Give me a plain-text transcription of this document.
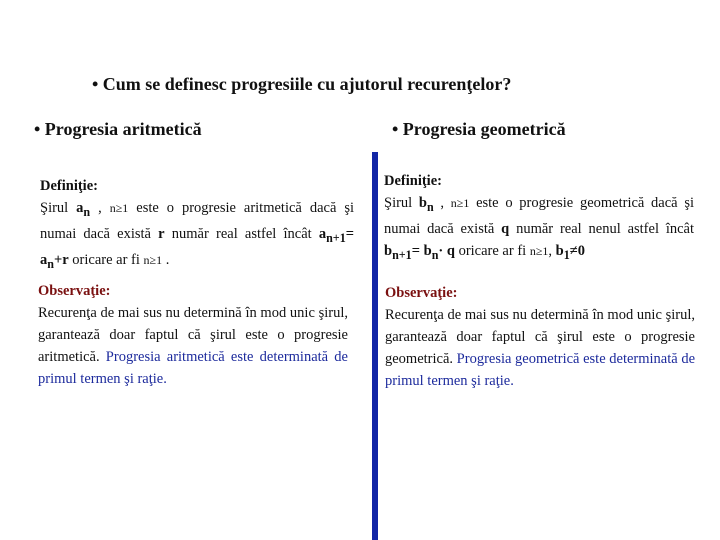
• Cum se definesc progresiile cu ajutorul recurenţelor?
• Progresia aritmetică	• Progresia geometrică
Definiţie:
Şirul $a_n$ , n≥1 este o progresie aritmetică dacă şi numai dacă există r număr real astfel încât $a_{n+1}= a_n+r$ oricare ar fi n≥1 .
Definiţie:
Şirul $b_n$ , n≥1 este o progresie geometrică dacă şi numai dacă există q număr real nenul astfel încât $b_{n+1}= b_n\cdot q$ oricare ar fi n≥1, $b_1\ne 0$
Observaţie:
Recurenţa de mai sus nu determină în mod unic şirul, garantează doar faptul că şirul este o progresie aritmetică. Progresia aritmetică este determinată de primul termen şi raţie.
Observaţie:
Recurenţa de mai sus nu determină în mod unic şirul, garantează doar faptul că şirul este o progresie geometrică. Progresia geometrică este determinată de primul termen şi raţie.
